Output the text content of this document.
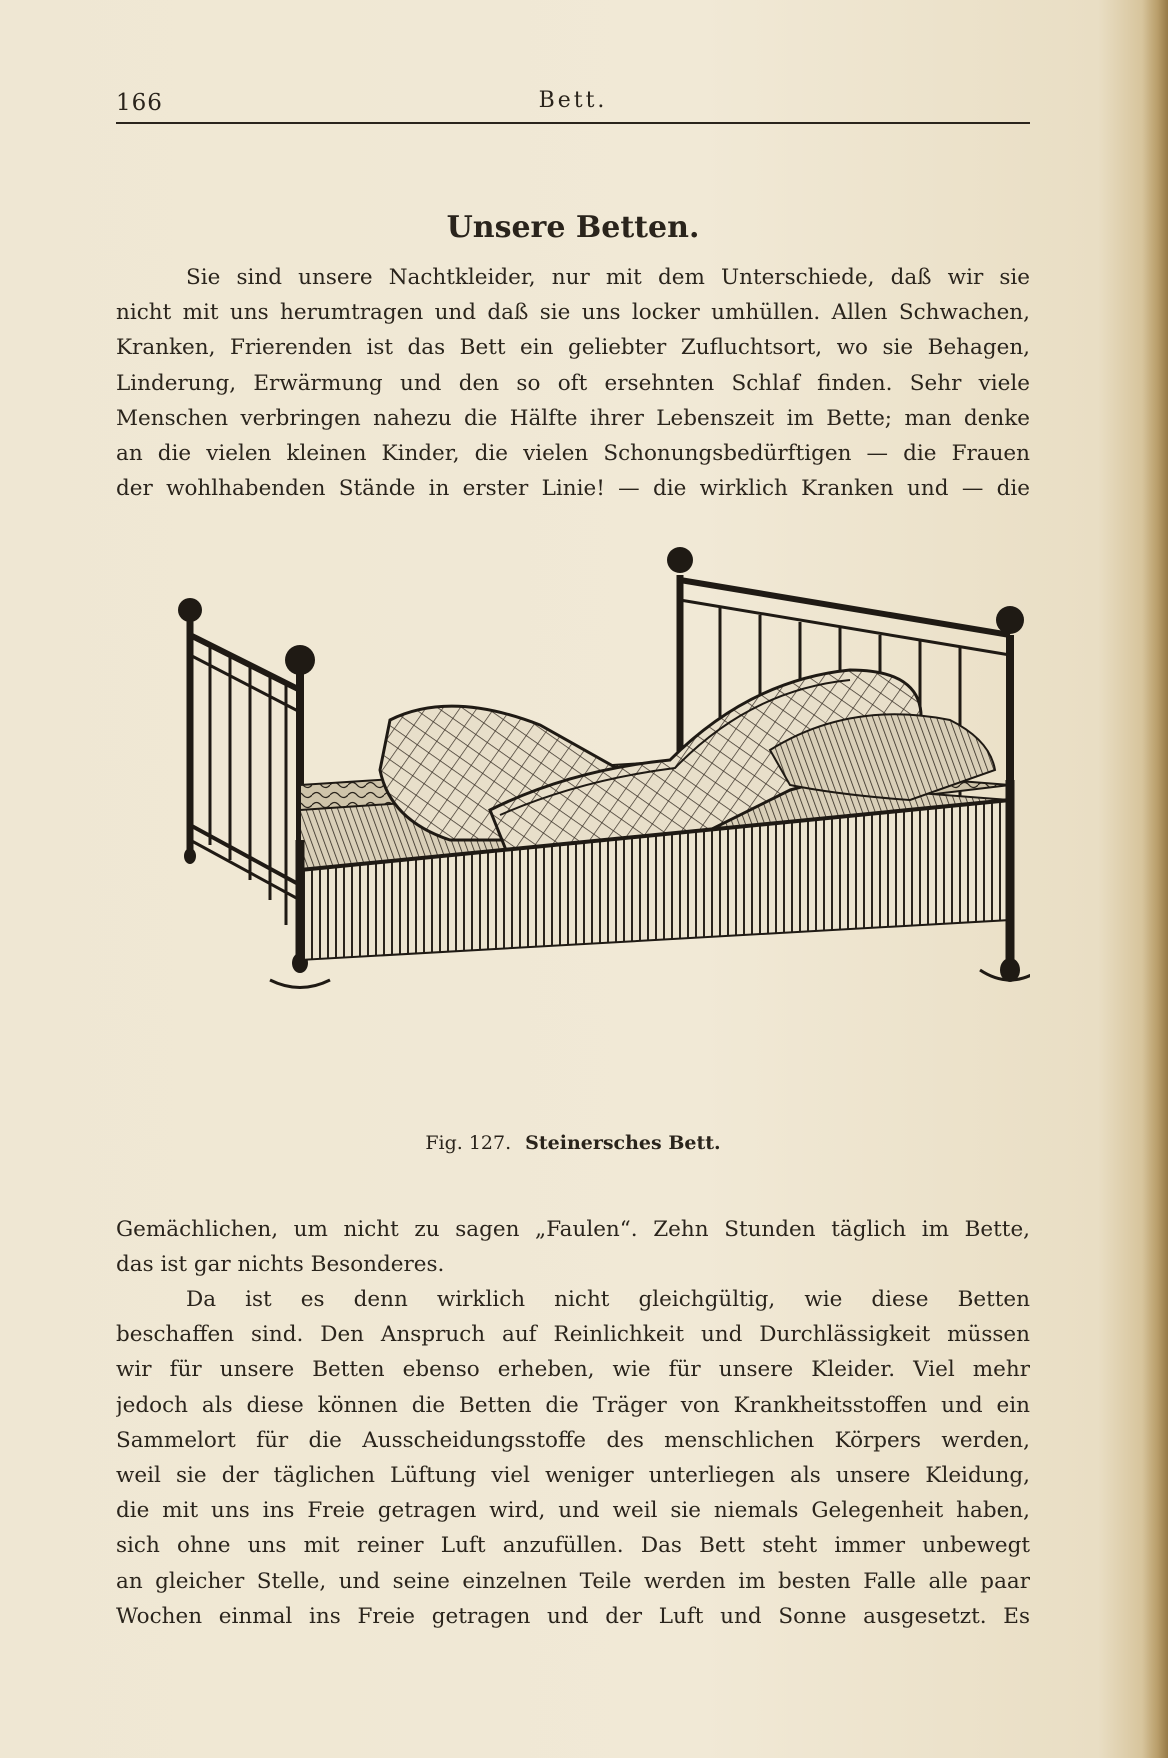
166	Bett.
Unsere Betten.
Sie sind unsere Nachtkleider, nur mit dem Unterschiede, daß wir sie
nicht mit uns herumtragen und daß sie uns locker umhüllen. Allen Schwachen,
Kranken, Frierenden ist das Bett ein geliebter Zufluchtsort, wo sie Behagen,
Linderung, Erwärmung und den so oft ersehnten Schlaf finden. Sehr viele
Menschen verbringen nahezu die Hälfte ihrer Lebenszeit im Bette; man denke
an die vielen kleinen Kinder, die vielen Schonungsbedürftigen — die Frauen
der wohlhabenden Stände in erster Linie! — die wirklich Kranken und — die
Fig. 127. Steinersches Bett.
Gemächlichen, um nicht zu sagen „Faulen“. Zehn Stunden täglich im Bette,
das ist gar nichts Besonderes.
Da ist es denn wirklich nicht gleichgültig, wie diese Betten
beschaffen sind. Den Anspruch auf Reinlichkeit und Durchlässigkeit müssen
wir für unsere Betten ebenso erheben, wie für unsere Kleider. Viel mehr
jedoch als diese können die Betten die Träger von Krankheitsstoffen und ein
Sammelort für die Ausscheidungsstoffe des menschlichen Körpers werden,
weil sie der täglichen Lüftung viel weniger unterliegen als unsere Kleidung,
die mit uns ins Freie getragen wird, und weil sie niemals Gelegenheit haben,
sich ohne uns mit reiner Luft anzufüllen. Das Bett steht immer unbewegt
an gleicher Stelle, und seine einzelnen Teile werden im besten Falle alle paar
Wochen einmal ins Freie getragen und der Luft und Sonne ausgesetzt. Es
